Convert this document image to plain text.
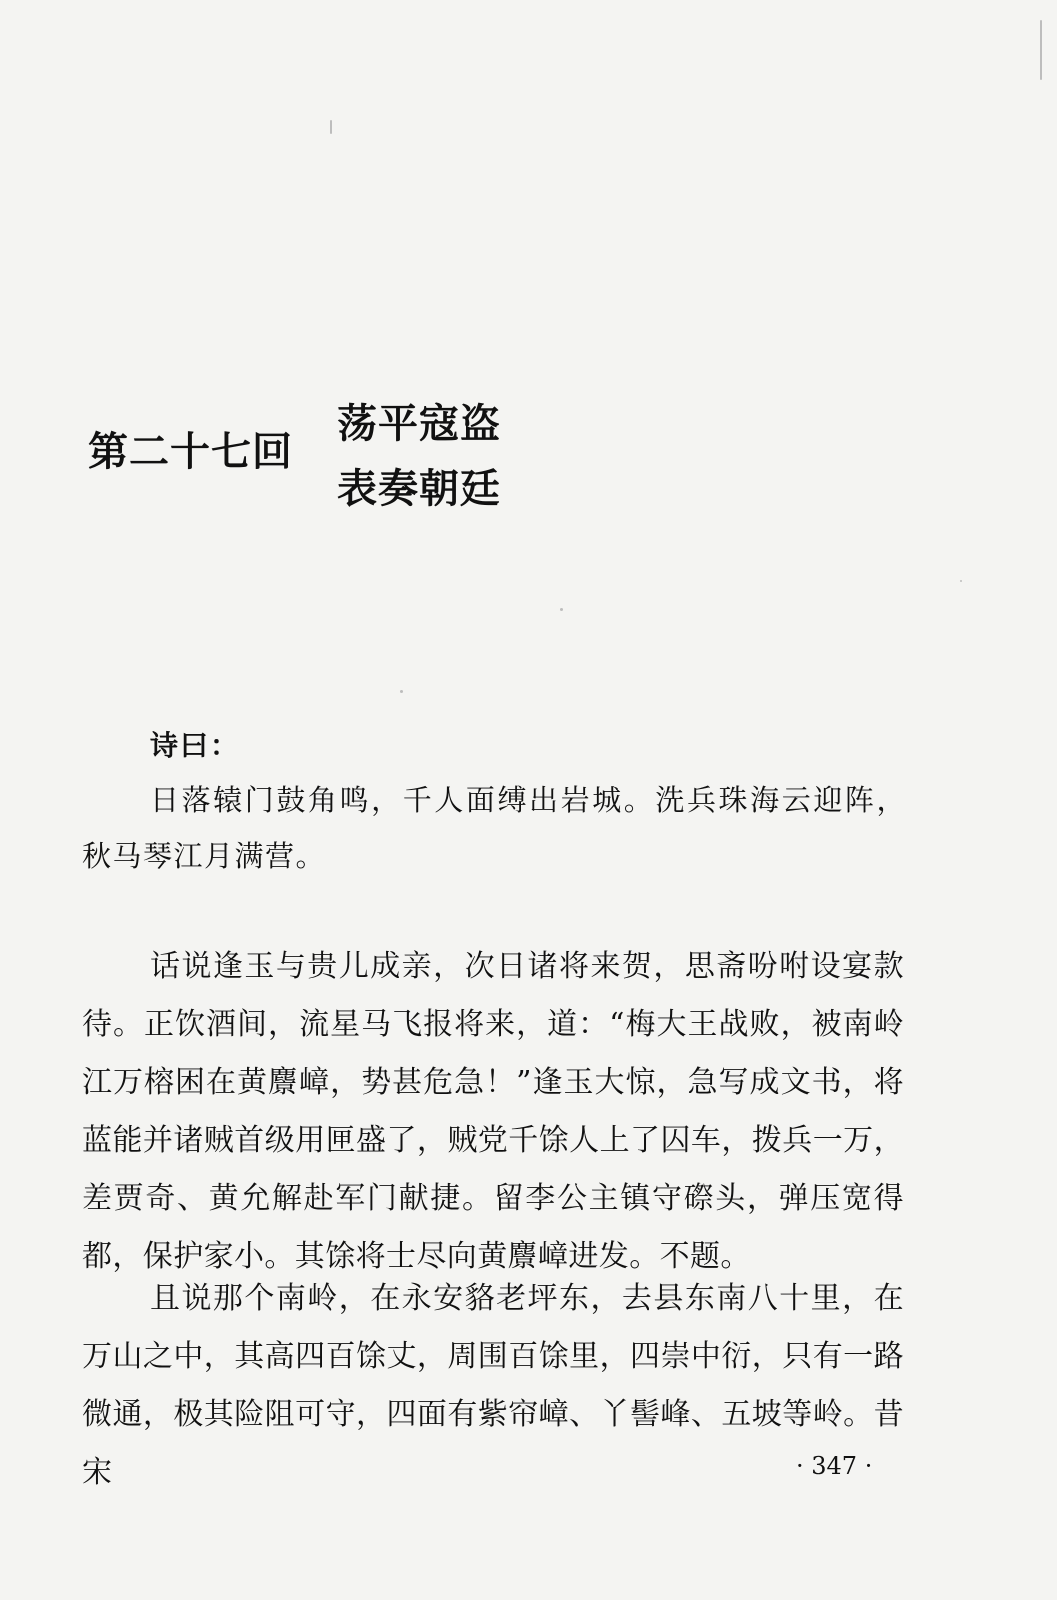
第二十七回
荡平寇盗
表奏朝廷
诗曰：

日落辕门鼓角鸣，千人面缚出岩城。洗兵珠海云迎阵，秋马琴江月满营。

话说逢玉与贵儿成亲，次日诸将来贺，思斋吩咐设宴款待。正饮酒间，流星马飞报将来，道：“梅大王战败，被南岭江万榕困在黄麖嶂，势甚危急！”逢玉大惊，急写成文书，将蓝能并诸贼首级用匣盛了，贼党千馀人上了囚车，拨兵一万，差贾奇、黄允解赴军门献捷。留李公主镇守磜头，弹压宽得都，保护家小。其馀将士尽向黄麖嶂进发。不题。

且说那个南岭，在永安貉老坪东，去县东南八十里，在万山之中，其高四百馀丈，周围百馀里，四崇中衍，只有一路微通，极其险阻可守，四面有紫帘嶂、丫髻峰、五坡等岭。昔宋	· 347 ·
